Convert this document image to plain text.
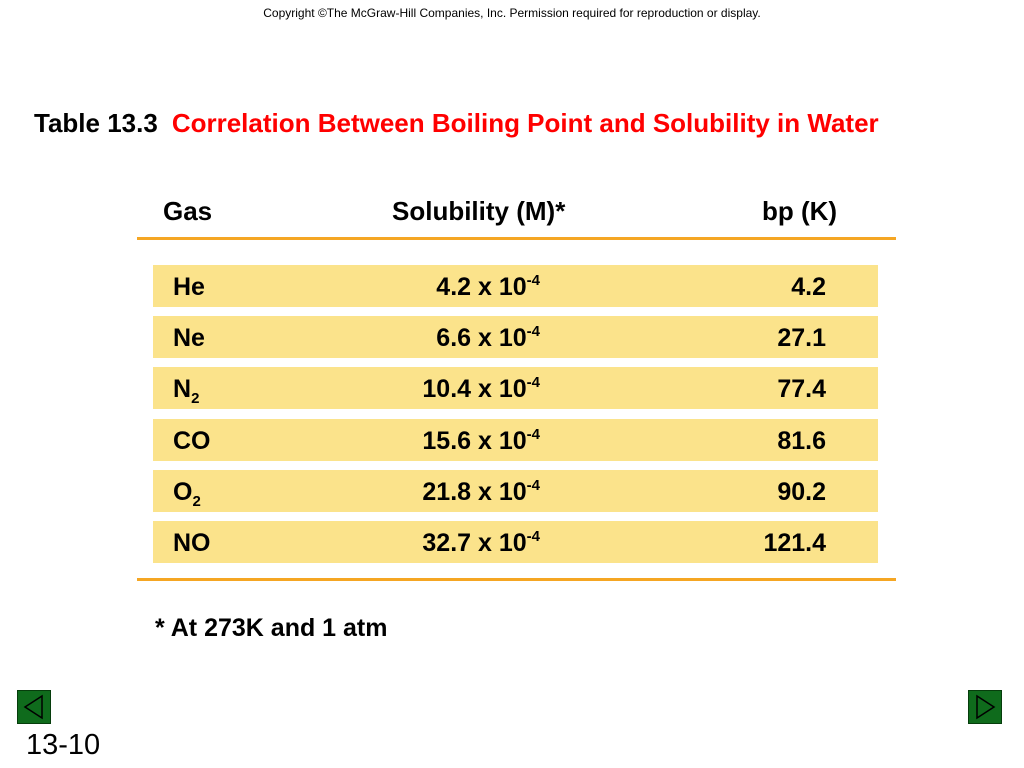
Copyright ©The McGraw-Hill Companies, Inc. Permission required for reproduction or display.
Table 13.3 Correlation Between Boiling Point and Solubility in Water
Gas	Solubility (M)*	bp (K)
He	4.2 x $10^{-4}$	4.2
Ne	6.6 x $10^{-4}$	27.1
$N_2$	10.4 x $10^{-4}$	77.4
CO	15.6 x $10^{-4}$	81.6
$O_2$	21.8 x $10^{-4}$	90.2
NO	32.7 x $10^{-4}$	121.4
* At 273K and 1 atm
13-10
